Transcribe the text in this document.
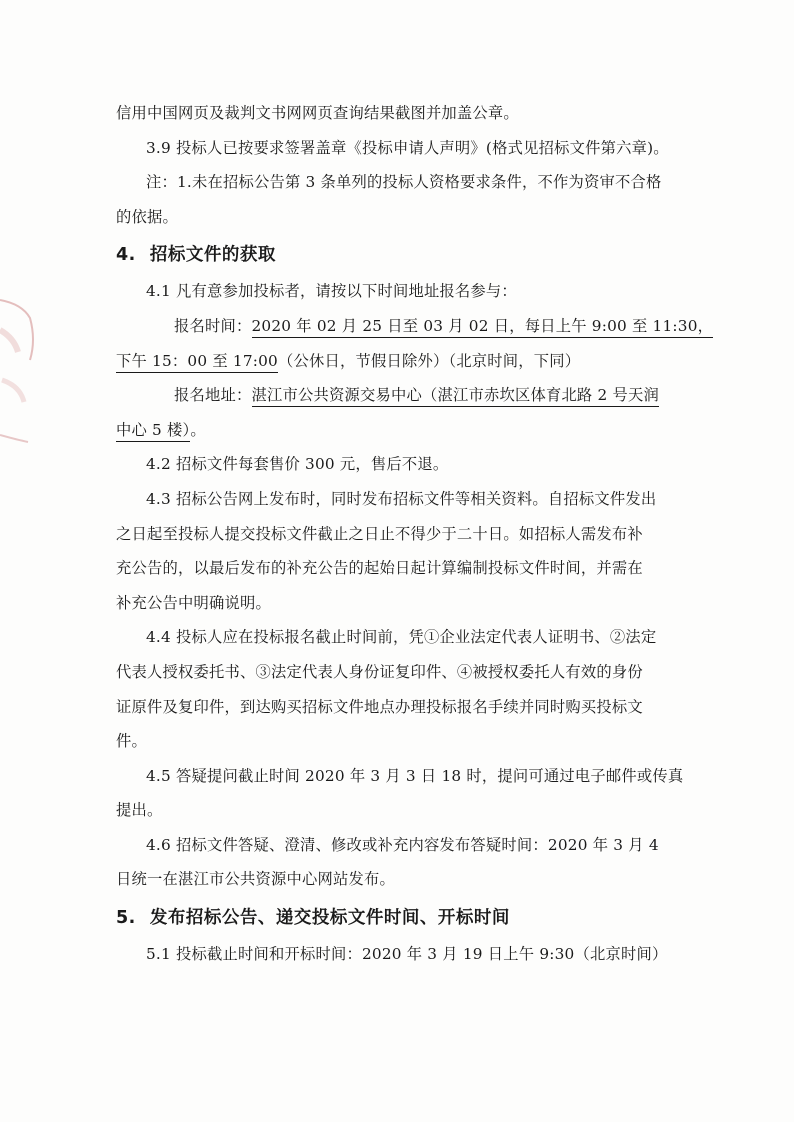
信用中国网页及裁判文书网网页查询结果截图并加盖公章。
3.9 投标人已按要求签署盖章《投标申请人声明》(格式见招标文件第六章)。
注：1.未在招标公告第 3 条单列的投标人资格要求条件，不作为资审不合格
的依据。
4. 招标文件的获取
4.1 凡有意参加投标者，请按以下时间地址报名参与：
报名时间：2020 年 02 月 25 日至 03 月 02 日，每日上午 9:00 至 11:30，
下午 15：00 至 17:00（公休日，节假日除外）（北京时间，下同）
报名地址：湛江市公共资源交易中心（湛江市赤坎区体育北路 2 号天润
中心 5 楼）。
4.2 招标文件每套售价 300 元，售后不退。
4.3 招标公告网上发布时，同时发布招标文件等相关资料。自招标文件发出
之日起至投标人提交投标文件截止之日止不得少于二十日。如招标人需发布补
充公告的，以最后发布的补充公告的起始日起计算编制投标文件时间，并需在
补充公告中明确说明。
4.4 投标人应在投标报名截止时间前，凭①企业法定代表人证明书、②法定
代表人授权委托书、③法定代表人身份证复印件、④被授权委托人有效的身份
证原件及复印件，到达购买招标文件地点办理投标报名手续并同时购买投标文
件。
4.5 答疑提问截止时间 2020 年 3 月 3 日 18 时，提问可通过电子邮件或传真
提出。
4.6 招标文件答疑、澄清、修改或补充内容发布答疑时间：2020 年 3 月 4
日统一在湛江市公共资源中心网站发布。
5. 发布招标公告、递交投标文件时间、开标时间
5.1 投标截止时间和开标时间：2020 年 3 月 19 日上午 9:30（北京时间）
